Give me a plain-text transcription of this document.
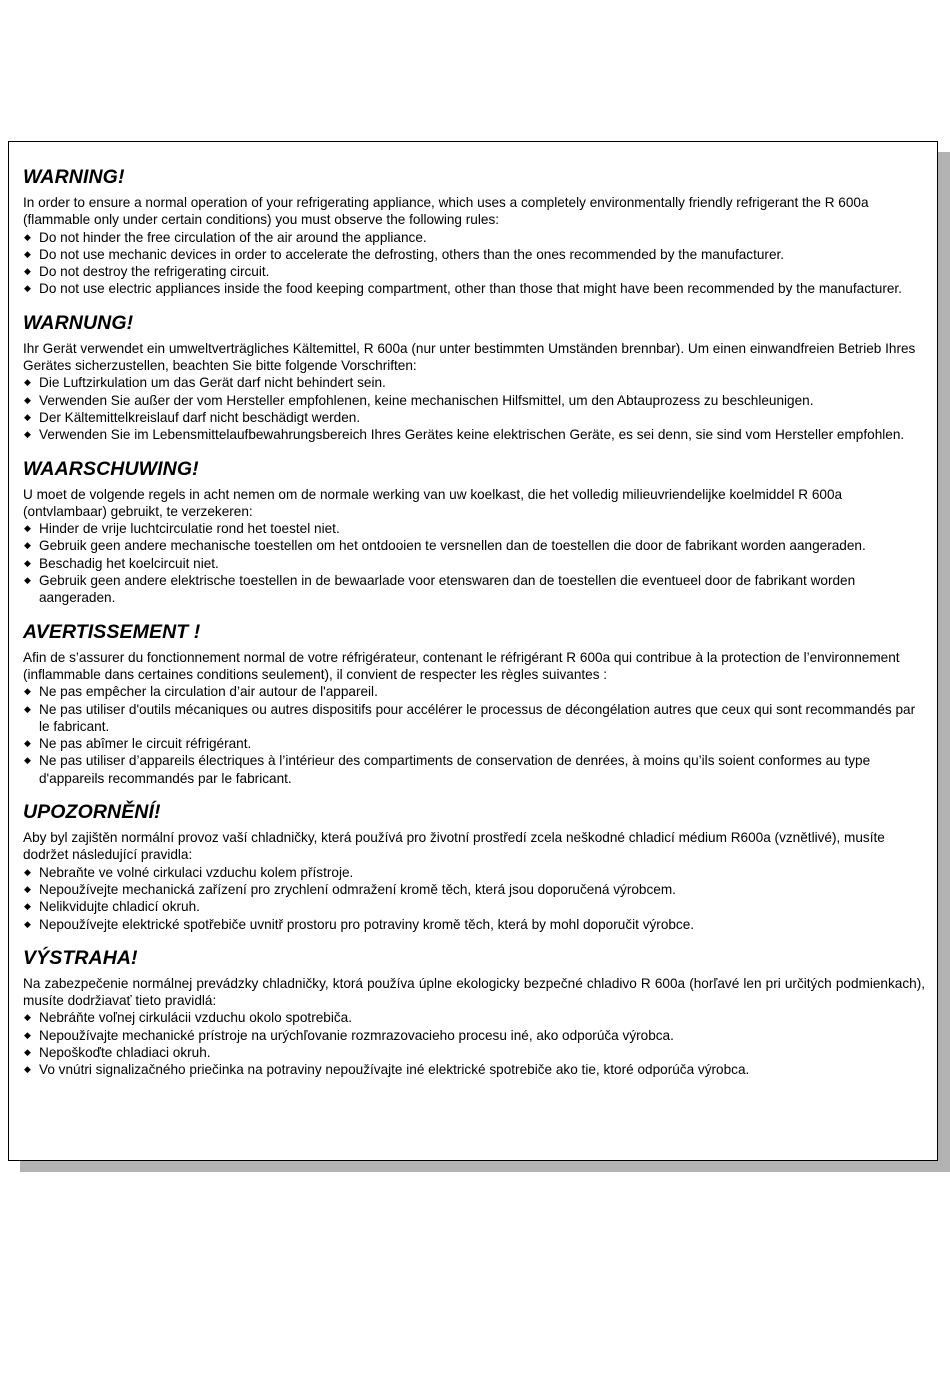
WARNING!

In order to ensure a normal operation of your refrigerating appliance, which uses a completely environmentally friendly refrigerant the R 600a (flammable only under certain conditions) you must observe the following rules:

◆ Do not hinder the free circulation of the air around the appliance.
◆ Do not use mechanic devices in order to accelerate the defrosting, others than the ones recommended by the manufacturer.
◆ Do not destroy the refrigerating circuit.
◆ Do not use electric appliances inside the food keeping compartment, other than those that might have been recommended by the manufacturer.
WARNUNG!

Ihr Gerät verwendet ein umweltverträgliches Kältemittel, R 600a (nur unter bestimmten Umständen brennbar). Um einen einwandfreien Betrieb Ihres Gerätes sicherzustellen, beachten Sie bitte folgende Vorschriften:

◆ Die Luftzirkulation um das Gerät darf nicht behindert sein.
◆ Verwenden Sie außer der vom Hersteller empfohlenen, keine mechanischen Hilfsmittel, um den Abtauprozess zu beschleunigen.
◆ Der Kältemittelkreislauf darf nicht beschädigt werden.
◆ Verwenden Sie im Lebensmittelaufbewahrungsbereich Ihres Gerätes keine elektrischen Geräte, es sei denn, sie sind vom Hersteller empfohlen.
WAARSCHUWING!

U moet de volgende regels in acht nemen om de normale werking van uw koelkast, die het volledig milieuvriendelijke koelmiddel R 600a (ontvlambaar) gebruikt, te verzekeren:

◆ Hinder de vrije luchtcirculatie rond het toestel niet.
◆ Gebruik geen andere mechanische toestellen om het ontdooien te versnellen dan de toestellen die door de fabrikant worden aangeraden.
◆ Beschadig het koelcircuit niet.
◆ Gebruik geen andere elektrische toestellen in de bewaarlade voor etenswaren dan de toestellen die eventueel door de fabrikant worden aangeraden.
AVERTISSEMENT !

Afin de s’assurer du fonctionnement normal de votre réfrigérateur, contenant le réfrigérant R 600a qui contribue à la protection de l’environnement (inflammable dans certaines conditions seulement), il convient de respecter les règles suivantes :

◆ Ne pas empêcher la circulation d’air autour de l'appareil.
◆ Ne pas utiliser d'outils mécaniques ou autres dispositifs pour accélérer le processus de décongélation autres que ceux qui sont recommandés par le fabricant.
◆ Ne pas abîmer le circuit réfrigérant.
◆ Ne pas utiliser d’appareils électriques à l’intérieur des compartiments de conservation de denrées, à moins qu’ils soient conformes au type d'appareils recommandés par le fabricant.
UPOZORNĚNÍ!

Aby byl zajištěn normální provoz vaší chladničky, která používá pro životní prostředí zcela neškodné chladicí médium R600a (vznětlivé), musíte dodržet následující pravidla:

◆ Nebraňte ve volné cirkulaci vzduchu kolem přístroje.
◆ Nepoužívejte mechanická zařízení pro zrychlení odmražení kromě těch, která jsou doporučená výrobcem.
◆ Nelikvidujte chladicí okruh.
◆ Nepoužívejte elektrické spotřebiče uvnitř prostoru pro potraviny kromě těch, která by mohl doporučit výrobce.
VÝSTRAHA!

Na zabezpečenie normálnej prevádzky chladničky, ktorá používa úplne ekologicky bezpečné chladivo R 600a (horľavé len pri určitých podmienkach), musíte dodržiavať tieto pravidlá:

◆ Nebráňte voľnej cirkulácii vzduchu okolo spotrebiča.
◆ Nepoužívajte mechanické prístroje na urýchľovanie rozmrazovacieho procesu iné, ako odporúča výrobca.
◆ Nepoškoďte chladiaci okruh.
◆ Vo vnútri signalizačného priečinka na potraviny nepoužívajte iné elektrické spotrebiče ako tie, ktoré odporúča výrobca.
